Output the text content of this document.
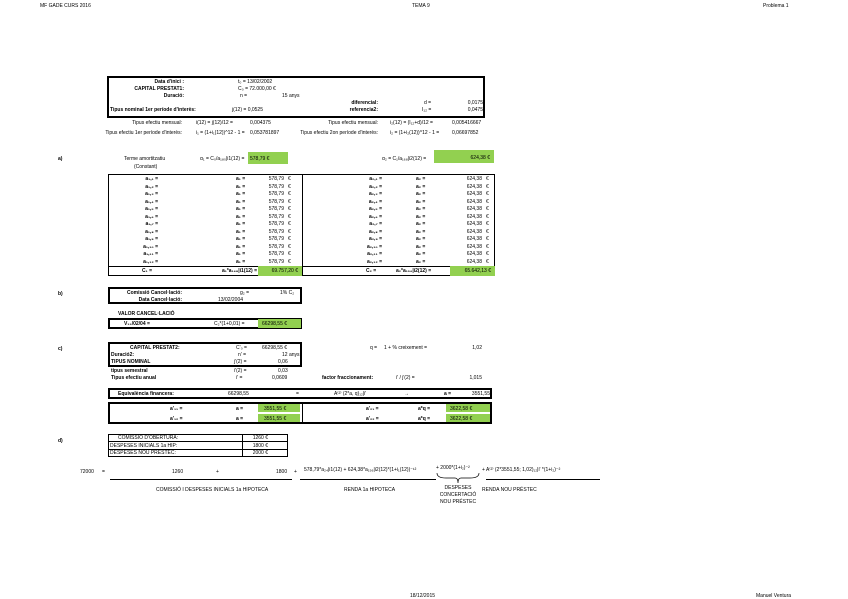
MF GADE CURS 2016	TEMA 9	Problema 1
Data d'inici :	t₀ = 13/02/2002
CAPITAL PRESTAT1:	C₀ = 72.000,00 €
Duració:	n =	15 anys
diferencial:	d =	0,0175
Tipus nominal 1er període d'interès:	j(12) = 0,0525	referencia2:	I₁₂ =	0,0475
Tipus efectiu mensual:	i(12) = j(12)/12 =	0,004375	Tipus efectiu mensual: i₂(12) = (I₁₂+d)/12 =	0,005416667
Tipus efectiu 1er període d'interès:	i₁ = (1+i₁(12))^12 - 1 = 0,053781897	Tipus efectiu 2on període d'interès: i₂ = (1+i₂(12))^12 - 1 =	0,06697852
a)	Terme amortitzatiu
(Constant)
α₁ = C₀/a₁₈₀|i1(12) = 578,79 €	α₂ = C₁/a₁₆₈|i2(12) =	624,38 €
a₁,₁ =	a₁ =	578,79 €
a₁,₂ =	a₁ =	578,79 €
a₁,₃ =	a₁ =	578,79 €
a₁,₄ =	a₁ =	578,79 €
a₁,₅ =	a₁ =	578,79 €
a₁,₆ =	a₁ =	578,79 €
a₁,₇ =	a₁ =	578,79 €
a₁,₈ =	a₁ =	578,79 €
a₁,₉ =	a₁ =	578,79 €
a₁,₁₀ =	a₁ =	578,79 €
a₁,₁₁ =	a₁ =	578,79 €
a₁,₁₂ =	a₁ =	578,79 €
a₂,₁ =	a₂ =	624,38 €
a₂,₂ =	a₂ =	624,38 €
a₂,₃ =	a₂ =	624,38 €
a₂,₄ =	a₂ =	624,38 €
a₂,₅ =	a₂ =	624,38 €
a₂,₆ =	a₂ =	624,38 €
a₂,₇ =	a₂ =	624,38 €
a₂,₈ =	a₂ =	624,38 €
a₂,₉ =	a₂ =	624,38 €
a₂,₁₀ =	a₂ =	624,38 €
a₂,₁₁ =	a₂ =	624,38 €
a₂,₁₂ =	a₂ =	624,38 €
C₁ =	a₁*a₁₆₈|i1(12) =	69.757,20 €	C₂ =	a₂*a₁₅₆|i2(12) =	65.642,13 €
b)	Comissió Cancel·lació:	g₂ =	1% C₂
Data Cancel·lació:	13/02/2004
VALOR CANCEL·LACIÓ
V₁₃/02/04 =	C₂*(1+0,01) =	66298,55 €
c)	CAPITAL PRESTAT2:	C'₀ =	66298,55 €	q = 1 + % creixement =	1,02
Duració2:	n' =	12 anys
TIPUS NOMINAL	j'(2) =	0,06
tipus semestral	i'(2) =	0,03
Tipus efectiu anual	i' =	0,0609	factor fraccionament:	i' / j'(2) =	1,015
Equivalència financera:	66298,55	=	A⁽²⁾ (2*a, q)₁₂|i'	→	a =	3551,55
a'₁₁ =	a =	3551,55 €	a'₂₁ =	a*q =	3622,58 €
a'₁₂ =	a =	3551,55 €	a'₂₂ =	a*q =	3622,58 €
d)	COMISSIÓ D'OBERTURA:	1260 €
DESPESES INICIALS 1a HIP:	1800 €
DESPESES NOU PRÉSTEC:	2000 €
72000 =	1260	+	1800 + 578,79*a₂₄|i1(12) + 624,38*a₁₅₆|i2(12)*(1+i₁(12))⁻¹²	+ 2000*(1+i₂)⁻² + A⁽²⁾ (2*3551,55; 1,02)₁₂|i' *(1+i₂)⁻²
COMISSIÓ I DESPESES INICIALS 1a HIPOTECA	RENDA 1a HIPOTECA	DESPESES
CONCERTACIÓ
NOU PRÉSTEC
RENDA NOU PRÉSTEC
18/12/2015	Manuel Ventura
